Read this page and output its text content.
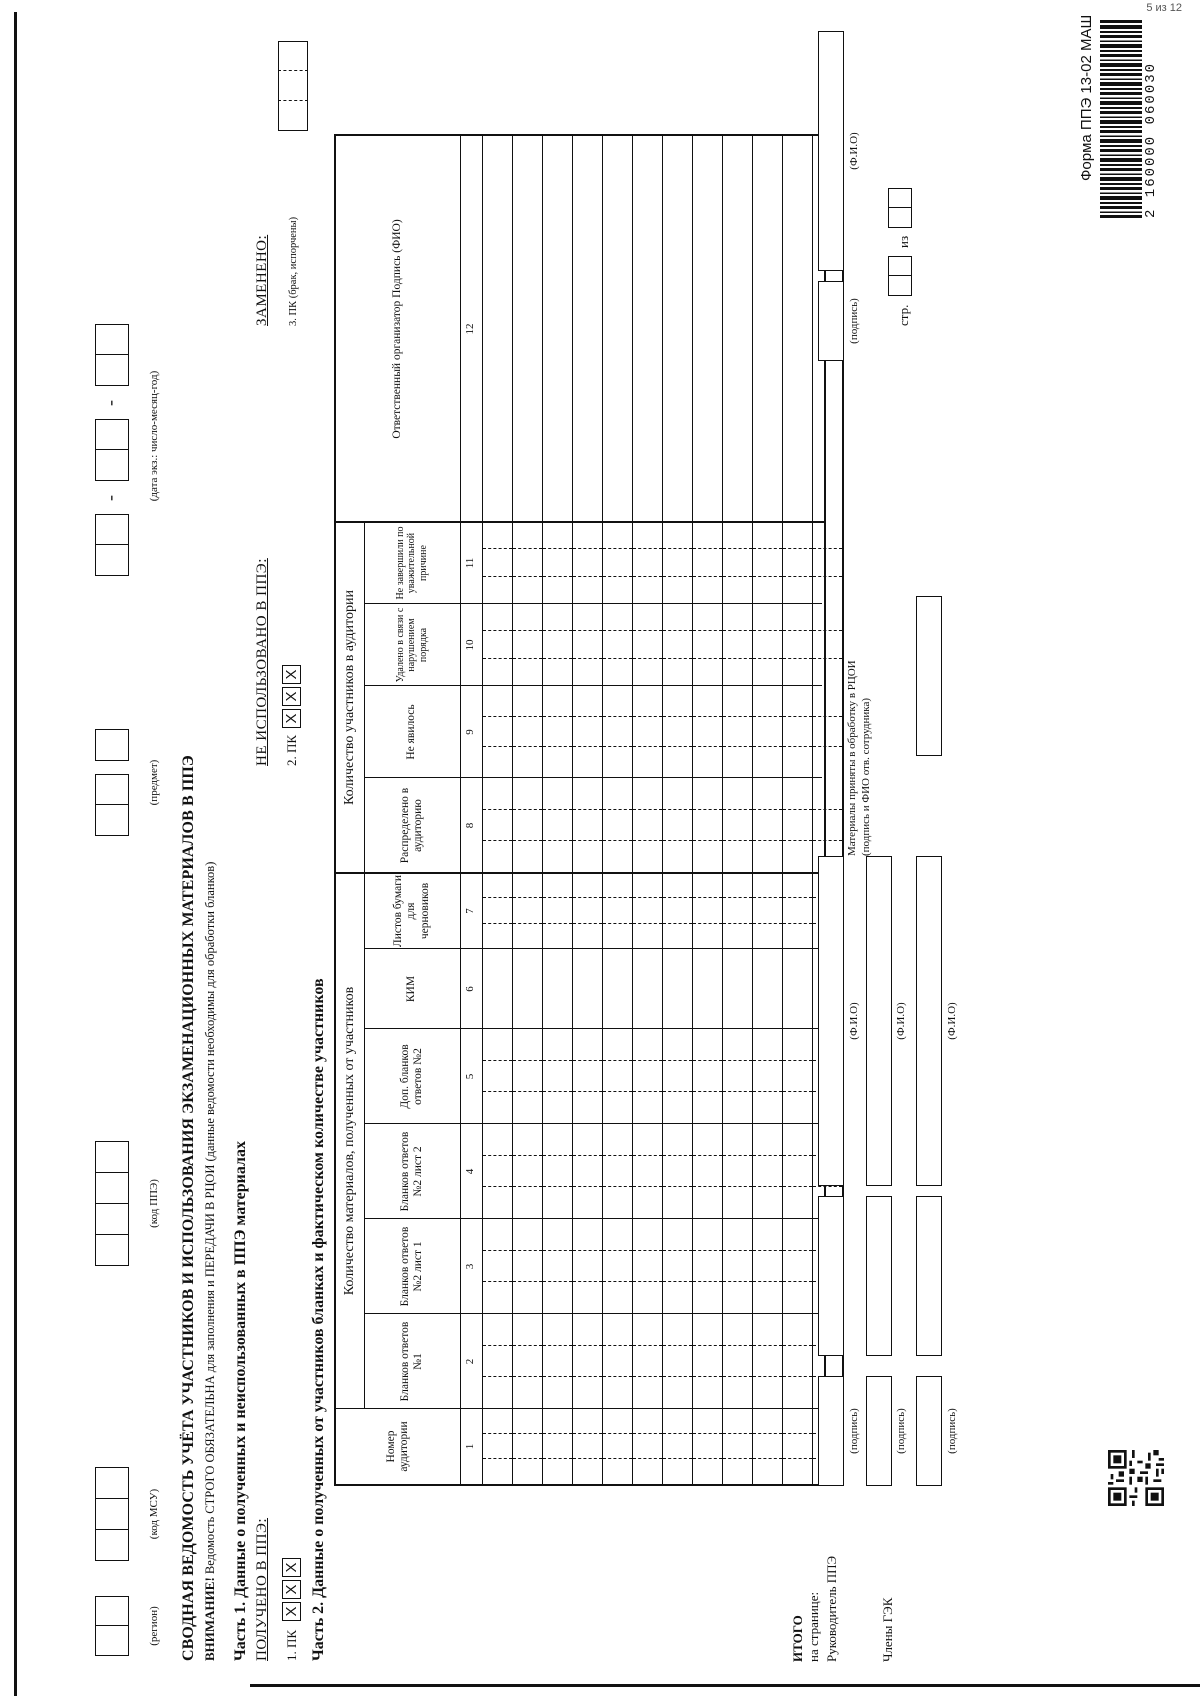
5 из 12
(регион)
(код МСУ)
(код ППЭ)
(предмет)
-
-	(дата экз.: число-месяц-год)
Форма ППЭ 13-02 МАШ	2 160000 060030
СВОДНАЯ ВЕДОМОСТЬ УЧЁТА УЧАСТНИКОВ И ИСПОЛЬЗОВАНИЯ ЭКЗАМЕНАЦИОННЫХ МАТЕРИАЛОВ В ППЭ ВНИМАНИЕ! Ведомость СТРОГО ОБЯЗАТЕЛЬНА для заполнения и ПЕРЕДАЧИ В РЦОИ (данные ведомости необходимы для обработки бланков) Часть 1. Данные о полученных и неиспользованных в ППЭ материалах ПОЛУЧЕНО В ППЭ: 1. ПК
X
X
X
НЕ ИСПОЛЬЗОВАНО В ППЭ: 2. ПК
X
X
X
ЗАМЕНЕНО: 3. ПК (брак, испорчены)
Часть 2. Данные о полученных от участников бланках и фактическом количестве участников Количество материалов, полученных от участников
Количество участников в аудитории
Номер аудитории
Бланков ответов №1
Бланков ответов №2 лист 1
Бланков ответов №2 лист 2
Доп. бланков ответов №2
КИМ
Листов бумаги для черновиков
Распределено в аудиторию
Не явилось
Удалено в связи с нарушением порядка
Не завершили по уважительной причине
Ответственный организатор Подпись (ФИО)
1
2
3
4
5
6
7
8
9
10
11
12
ИТОГО на странице: Руководитель ППЭ
(подпись)
(Ф.И.О)
Члены ГЭК
(подпись)
(Ф.И.О)
(подпись)
(Ф.И.О)
Материалы приняты в обработку в РЦОИ (подпись и ФИО отв. сотрудника)
(подпись)
(Ф.И.О)
стр.
из
